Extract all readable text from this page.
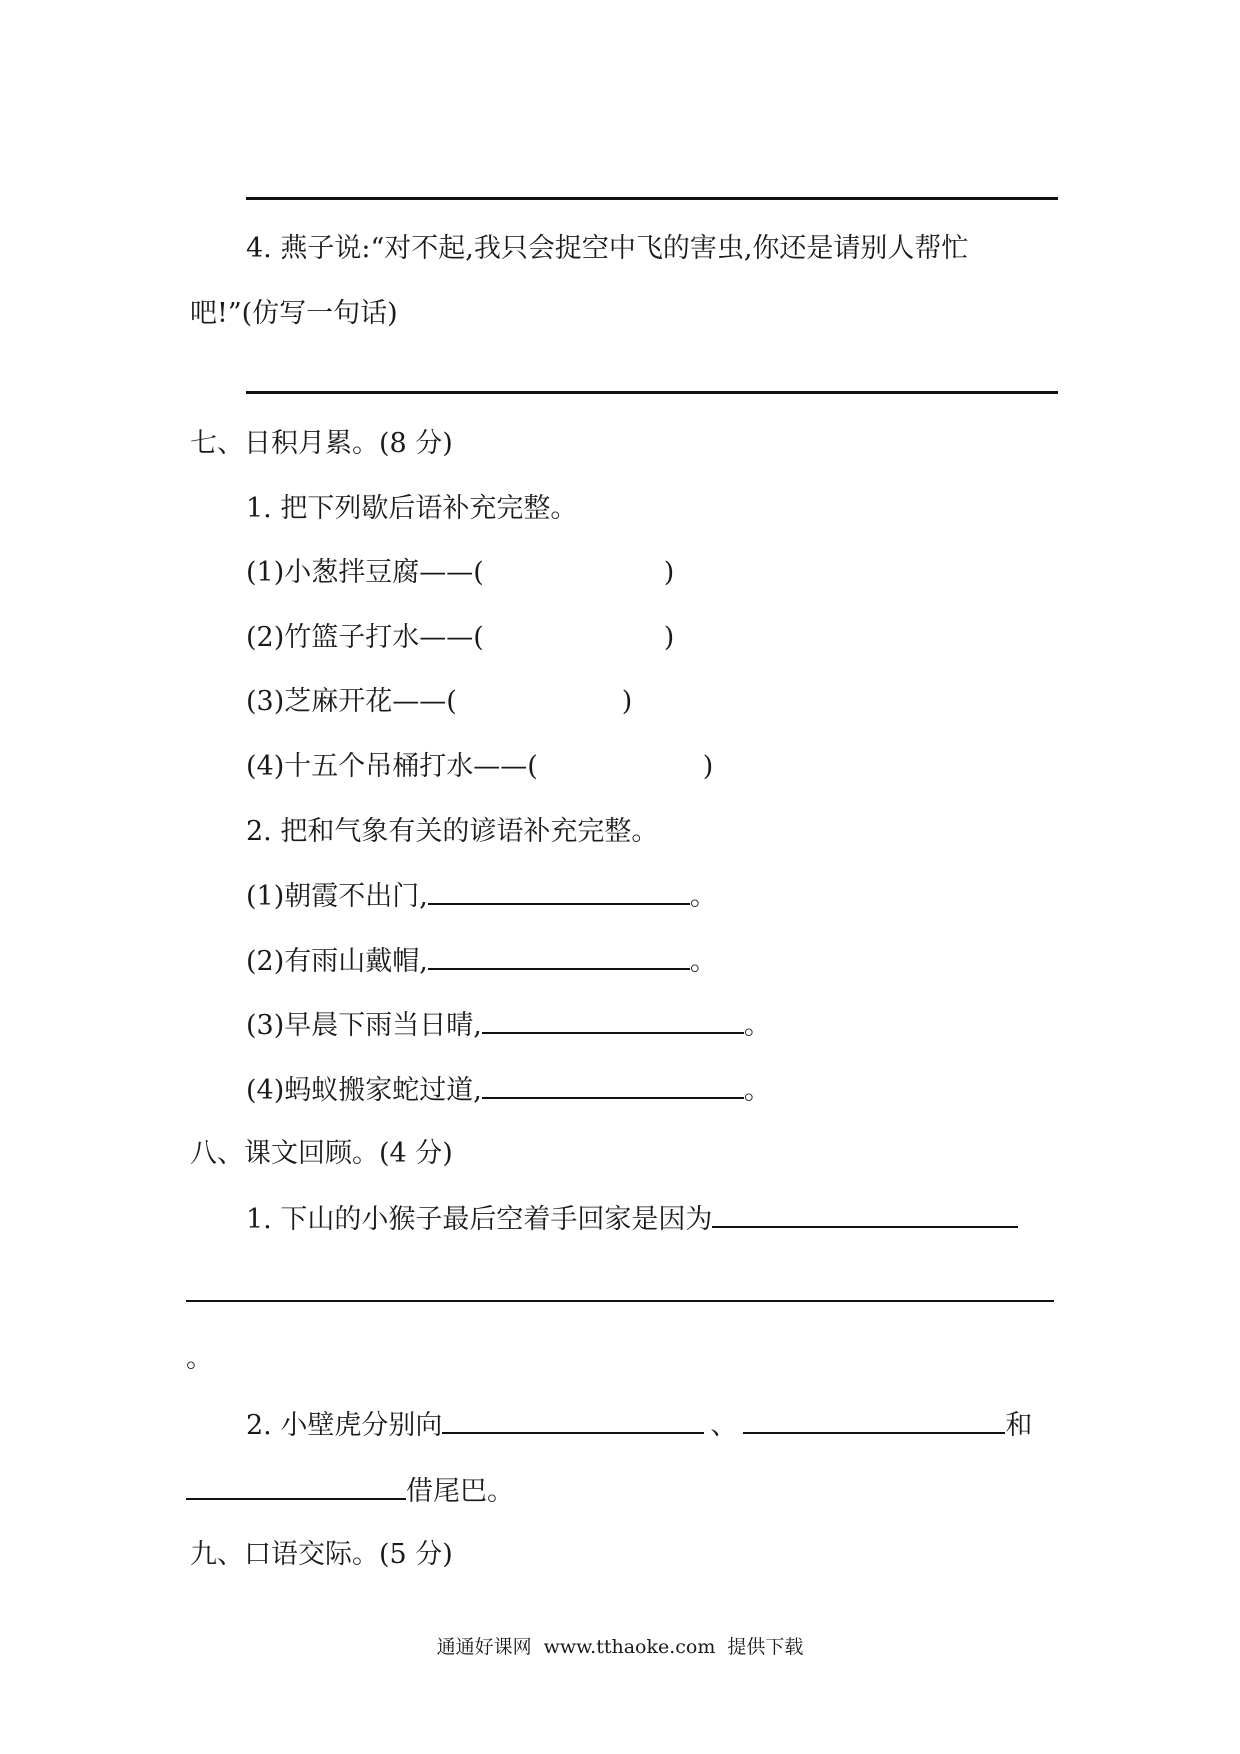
4. 燕子说:“对不起,我只会捉空中飞的害虫,你还是请别人帮忙
吧!”(仿写一句话)
七、日积月累。(8 分)
1. 把下列歇后语补充完整。
(1)小葱拌豆腐——(	)
(2)竹篮子打水——(	)
(3)芝麻开花——(	)
(4)十五个吊桶打水——(	)
2. 把和气象有关的谚语补充完整。
(1)朝霞不出门,	。
(2)有雨山戴帽,	。
(3)早晨下雨当日晴,	。
(4)蚂蚁搬家蛇过道,	。
八、课文回顾。(4 分)
1. 下山的小猴子最后空着手回家是因为
。
2. 小壁虎分别向	、	和
借尾巴。
九、口语交际。(5 分)
通通好课网 www.tthaoke.com 提供下载
